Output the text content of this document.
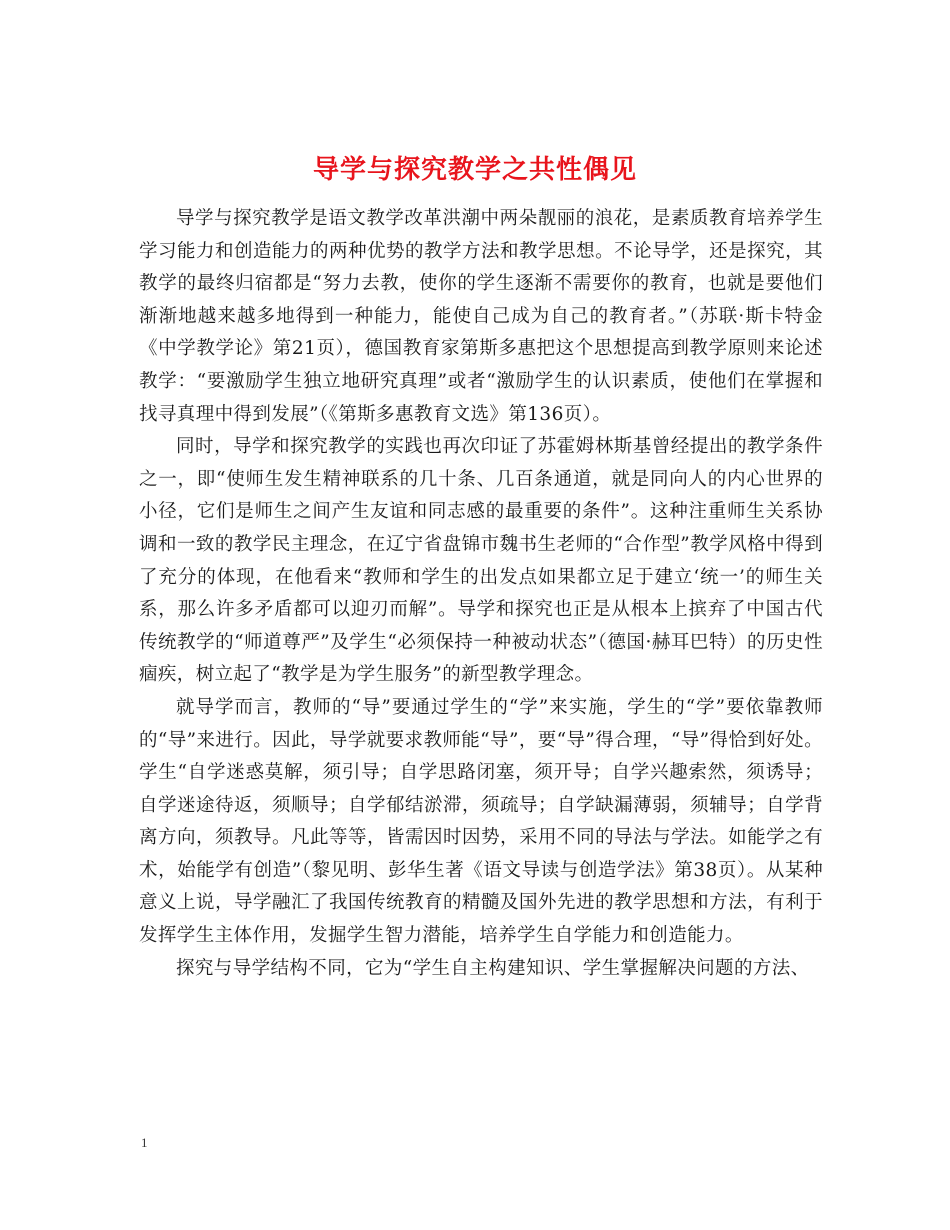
导学与探究教学之共性偶见

导学与探究教学是语文教学改革洪潮中两朵靓丽的浪花，是素质教育培养学生学习能力和创造能力的两种优势的教学方法和教学思想。不论导学，还是探究，其教学的最终归宿都是“努力去教，使你的学生逐渐不需要你的教育，也就是要他们渐渐地越来越多地得到一种能力，能使自己成为自己的教育者。”（苏联·斯卡特金《中学教学论》第21页），德国教育家第斯多惠把这个思想提高到教学原则来论述教学：“要激励学生独立地研究真理”或者“激励学生的认识素质，使他们在掌握和找寻真理中得到发展”（《第斯多惠教育文选》第136页）。

同时，导学和探究教学的实践也再次印证了苏霍姆林斯基曾经提出的教学条件之一，即“使师生发生精神联系的几十条、几百条通道，就是同向人的内心世界的小径，它们是师生之间产生友谊和同志感的最重要的条件”。这种注重师生关系协调和一致的教学民主理念，在辽宁省盘锦市魏书生老师的“合作型”教学风格中得到了充分的体现，在他看来“教师和学生的出发点如果都立足于建立‘统一’的师生关系，那么许多矛盾都可以迎刃而解”。导学和探究也正是从根本上摈弃了中国古代传统教学的“师道尊严”及学生“必须保持一种被动状态”（德国·赫耳巴特）的历史性痼疾，树立起了“教学是为学生服务”的新型教学理念。

就导学而言，教师的“导”要通过学生的“学”来实施，学生的“学”要依靠教师的“导”来进行。因此，导学就要求教师能“导”，要“导”得合理，“导”得恰到好处。学生“自学迷惑莫解，须引导；自学思路闭塞，须开导；自学兴趣索然，须诱导；自学迷途待返，须顺导；自学郁结淤滞，须疏导；自学缺漏薄弱，须辅导；自学背离方向，须教导。凡此等等，皆需因时因势，采用不同的导法与学法。如能学之有术，始能学有创造”（黎见明、彭华生著《语文导读与创造学法》第38页）。从某种意义上说，导学融汇了我国传统教育的精髓及国外先进的教学思想和方法，有利于发挥学生主体作用，发掘学生智力潜能，培养学生自学能力和创造能力。

探究与导学结构不同，它为“学生自主构建知识、学生掌握解决问题的方法、

1
